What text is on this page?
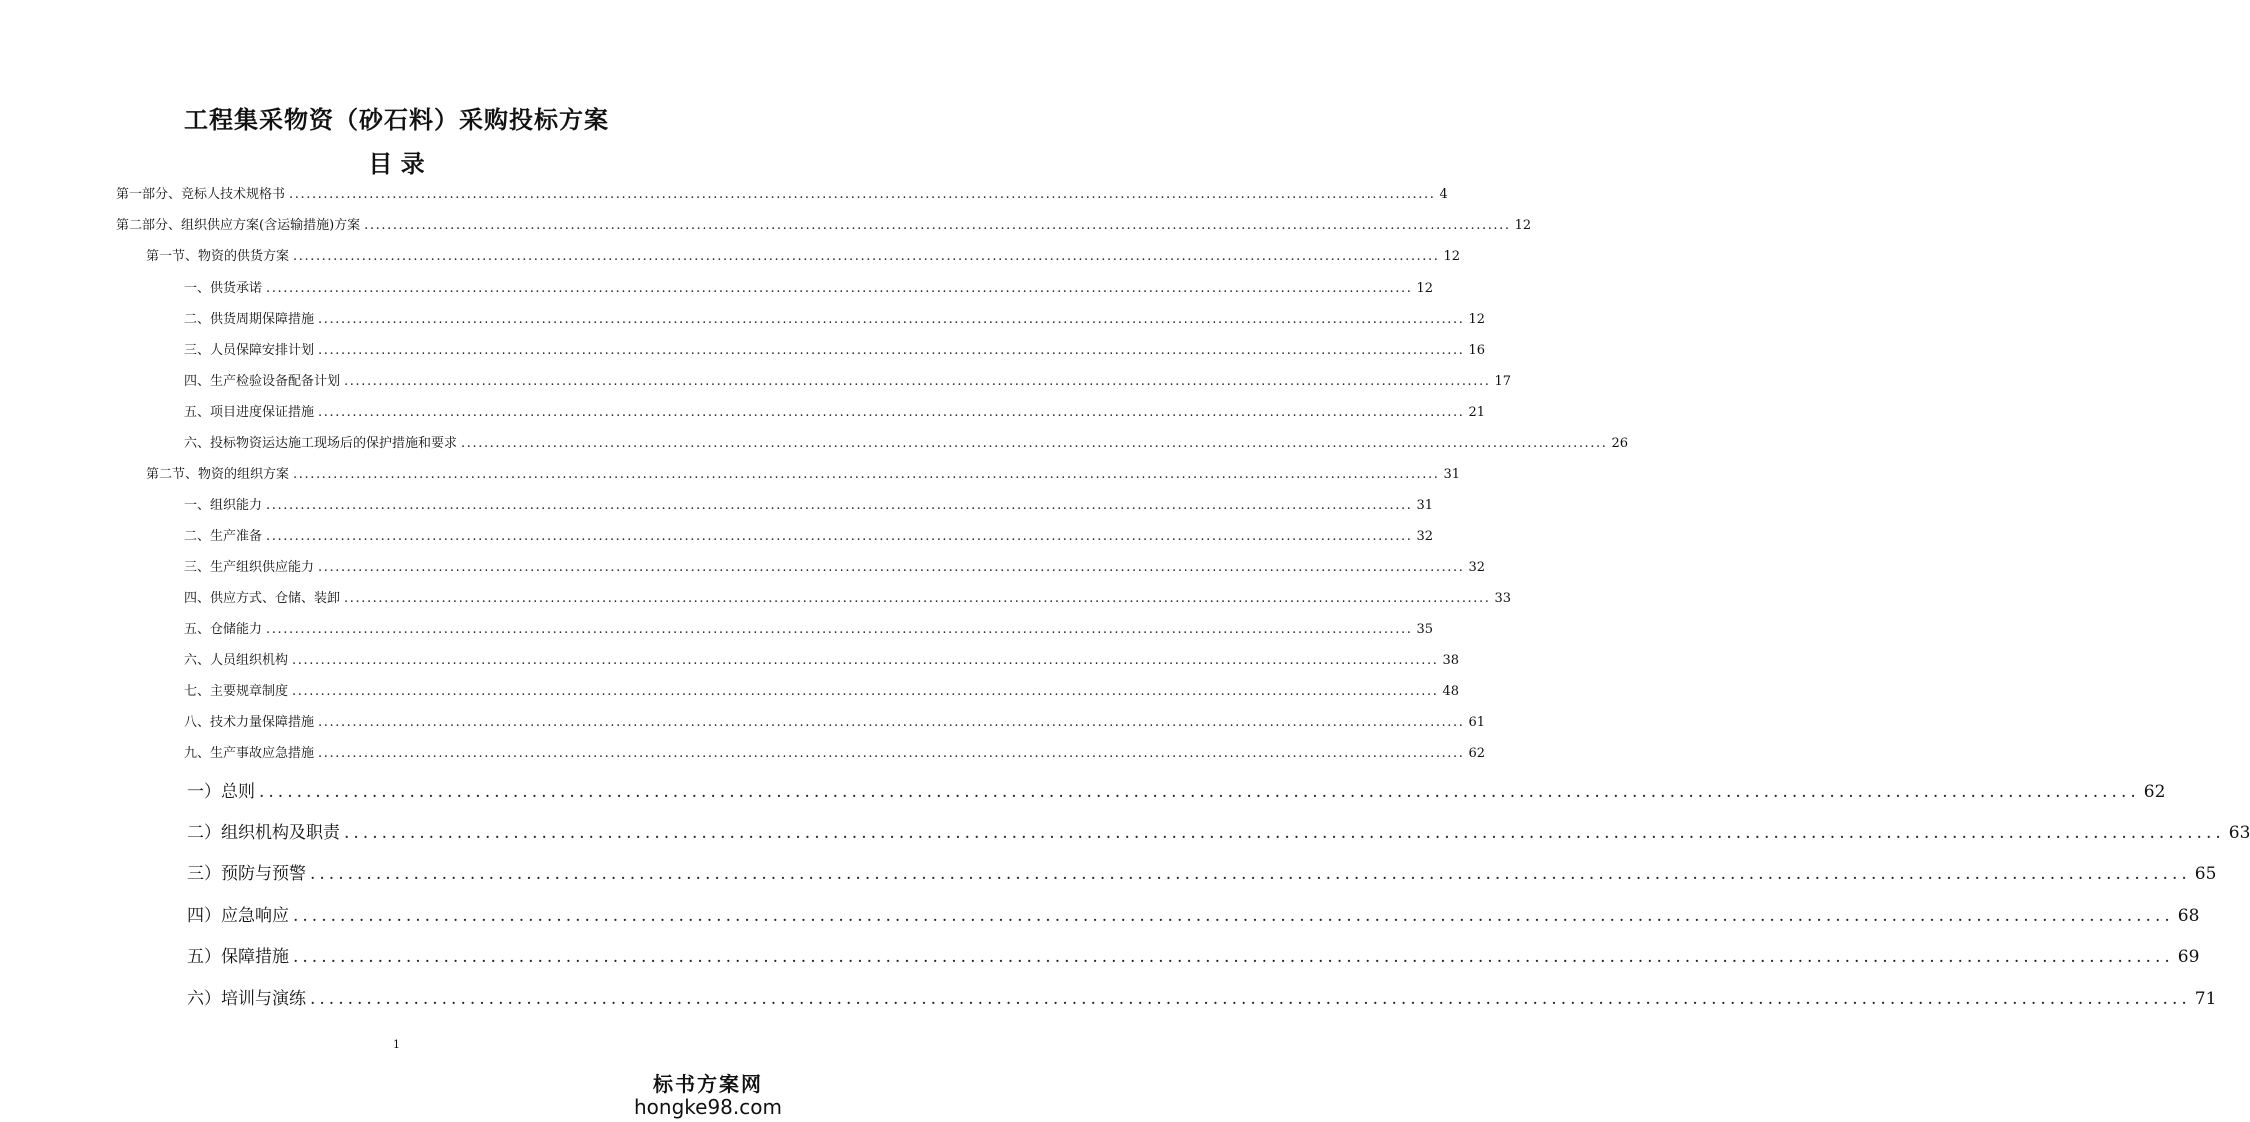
工程集采物资（砂石料）采购投标方案
目 录
第一部分、竞标人技术规格书 ........................................................................................................................................................................................................ 4
第二部分、组织供应方案(含运输措施)方案 ........................................................................................................................................................................................................ 12
第一节、物资的供货方案 ........................................................................................................................................................................................................ 12
一、供货承诺 ........................................................................................................................................................................................................ 12
二、供货周期保障措施 ........................................................................................................................................................................................................ 12
三、人员保障安排计划 ........................................................................................................................................................................................................ 16
四、生产检验设备配备计划 ........................................................................................................................................................................................................ 17
五、项目进度保证措施 ........................................................................................................................................................................................................ 21
六、投标物资运达施工现场后的保护措施和要求 ........................................................................................................................................................................................................ 26
第二节、物资的组织方案 ........................................................................................................................................................................................................ 31
一、组织能力 ........................................................................................................................................................................................................ 31
二、生产准备 ........................................................................................................................................................................................................ 32
三、生产组织供应能力 ........................................................................................................................................................................................................ 32
四、供应方式、仓储、装卸 ........................................................................................................................................................................................................ 33
五、仓储能力 ........................................................................................................................................................................................................ 35
六、人员组织机构 ........................................................................................................................................................................................................ 38
七、主要规章制度 ........................................................................................................................................................................................................ 48
八、技术力量保障措施 ........................................................................................................................................................................................................ 61
九、生产事故应急措施 ........................................................................................................................................................................................................ 62
一）总则 ........................................................................................................................................................................................................ 62
二）组织机构及职责 ........................................................................................................................................................................................................ 63
三）预防与预警 ........................................................................................................................................................................................................ 65
四）应急响应 ........................................................................................................................................................................................................ 68
五）保障措施 ........................................................................................................................................................................................................ 69
六）培训与演练 ........................................................................................................................................................................................................ 71
1
标书方案网
hongke98.com
